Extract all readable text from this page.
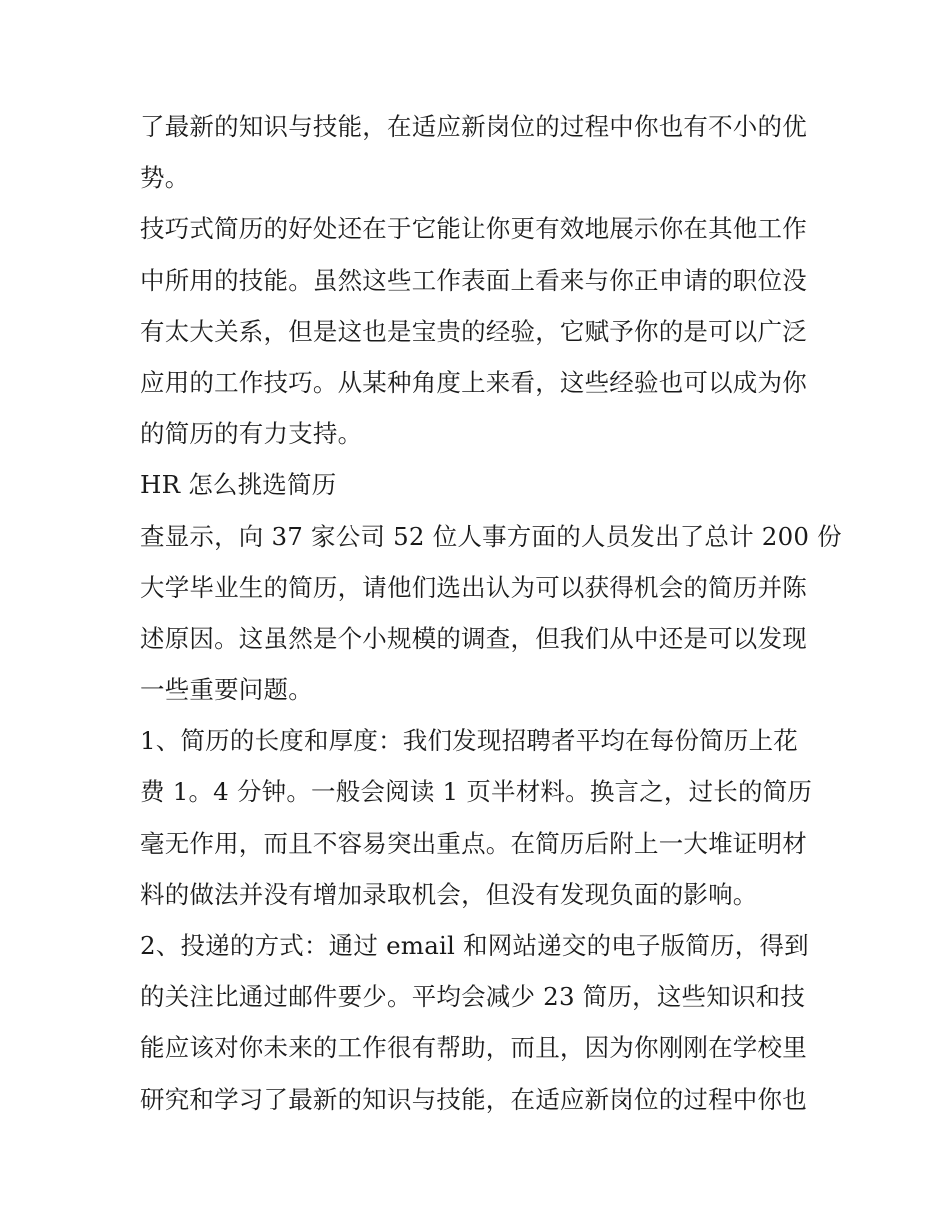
了最新的知识与技能，在适应新岗位的过程中你也有不小的优
势。
技巧式简历的好处还在于它能让你更有效地展示你在其他工作
中所用的技能。虽然这些工作表面上看来与你正申请的职位没
有太大关系，但是这也是宝贵的经验，它赋予你的是可以广泛
应用的工作技巧。从某种角度上来看，这些经验也可以成为你
的简历的有力支持。
HR 怎么挑选简历
查显示，向 37 家公司 52 位人事方面的人员发出了总计 200 份
大学毕业生的简历，请他们选出认为可以获得机会的简历并陈
述原因。这虽然是个小规模的调查，但我们从中还是可以发现
一些重要问题。
1、简历的长度和厚度：我们发现招聘者平均在每份简历上花
费 1。4 分钟。一般会阅读 1 页半材料。换言之，过长的简历
毫无作用，而且不容易突出重点。在简历后附上一大堆证明材
料的做法并没有增加录取机会，但没有发现负面的影响。
2、投递的方式：通过 email 和网站递交的电子版简历，得到
的关注比通过邮件要少。平均会减少 23 简历，这些知识和技
能应该对你未来的工作很有帮助，而且，因为你刚刚在学校里
研究和学习了最新的知识与技能，在适应新岗位的过程中你也
